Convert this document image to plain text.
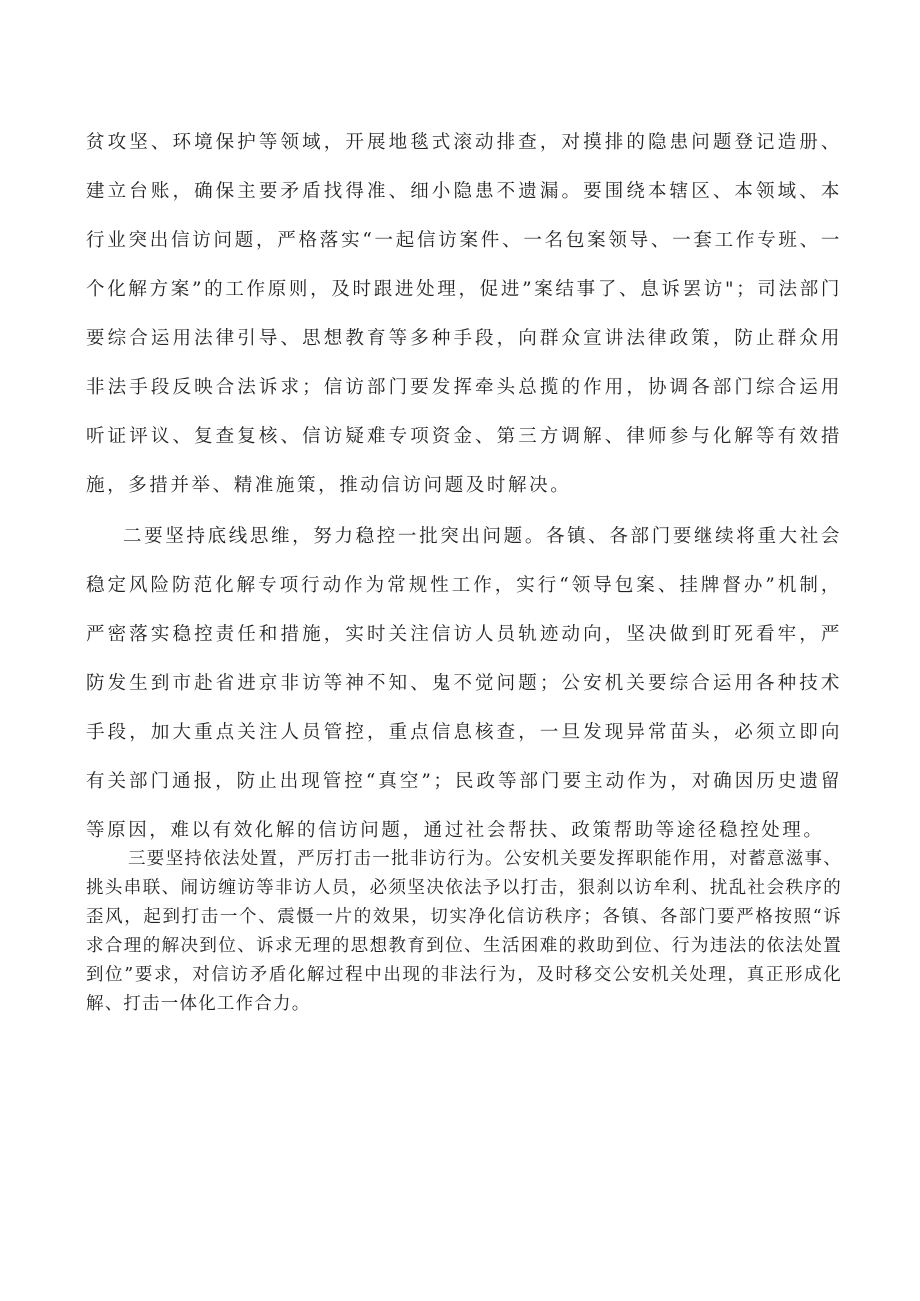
贫攻坚、环境保护等领域，开展地毯式滚动排查，对摸排的隐患问题登记造册、建立台账，确保主要矛盾找得准、细小隐患不遗漏。要围绕本辖区、本领域、本行业突出信访问题，严格落实“一起信访案件、一名包案领导、一套工作专班、一个化解方案”的工作原则，及时跟进处理，促进”案结事了、息诉罢访"；司法部门要综合运用法律引导、思想教育等多种手段，向群众宣讲法律政策，防止群众用非法手段反映合法诉求；信访部门要发挥牵头总揽的作用，协调各部门综合运用听证评议、复查复核、信访疑难专项资金、第三方调解、律师参与化解等有效措施，多措并举、精准施策，推动信访问题及时解决。

二要坚持底线思维，努力稳控一批突出问题。各镇、各部门要继续将重大社会稳定风险防范化解专项行动作为常规性工作，实行“领导包案、挂牌督办”机制，严密落实稳控责任和措施，实时关注信访人员轨迹动向，坚决做到盯死看牢，严防发生到市赴省进京非访等神不知、鬼不觉问题；公安机关要综合运用各种技术手段，加大重点关注人员管控，重点信息核查，一旦发现异常苗头，必须立即向有关部门通报，防止出现管控“真空”；民政等部门要主动作为，对确因历史遗留等原因，难以有效化解的信访问题，通过社会帮扶、政策帮助等途径稳控处理。

三要坚持依法处置，严厉打击一批非访行为。公安机关要发挥职能作用，对蓄意滋事、挑头串联、闹访缠访等非访人员，必须坚决依法予以打击，狠刹以访牟利、扰乱社会秩序的歪风，起到打击一个、震慑一片的效果，切实净化信访秩序；各镇、各部门要严格按照“诉求合理的解决到位、诉求无理的思想教育到位、生活困难的救助到位、行为违法的依法处置到位”要求，对信访矛盾化解过程中出现的非法行为，及时移交公安机关处理，真正形成化解、打击一体化工作合力。
